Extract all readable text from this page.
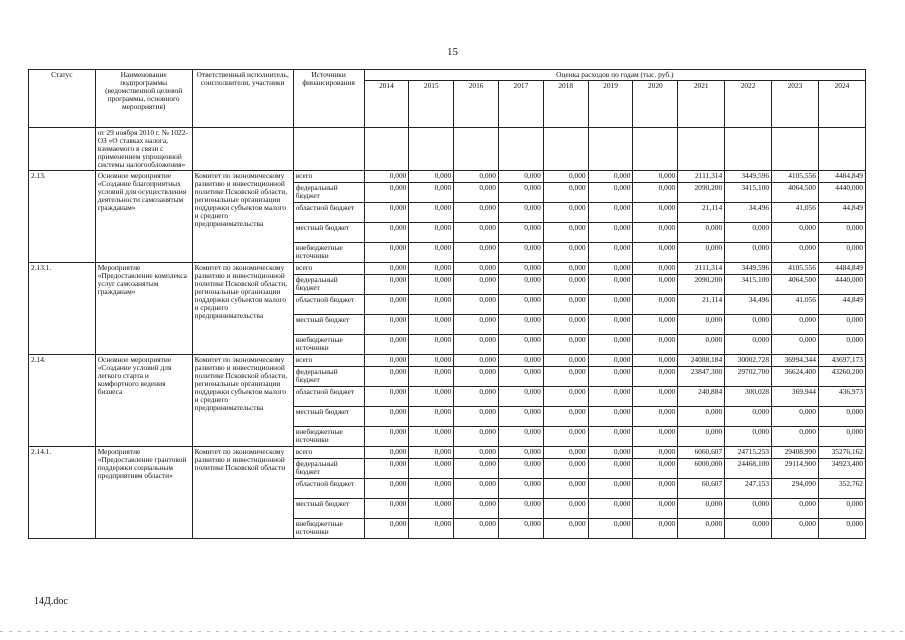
15
Статус	Наименование подпрограммы (ведомственной целевой программы, основного мероприятия)	Ответственный исполнитель, соисполнители, участники	Источники финансирования	Оценка расходов по годам (тыс. руб.)										
				2014	2015	2016	2017	2018	2019	2020	2021	2022	2023	2024
	от 29 ноября 2010 г. № 1022-ОЗ «О ставках налога, взимаемого в связи с применением упрощенной системы налогообложения»													
2.13.	Основное мероприятие «Создание благоприятных условий для осуществления деятельности самозанятым гражданам»	Комитет по экономическому развитию и инвестиционной политике Псковской области, региональные организации поддержки субъектов малого и среднего предпринимательства	всего	0,000	0,000	0,000	0,000	0,000	0,000	0,000	2111,314	3449,596	4105,556	4484,849
			федеральный бюджет	0,000	0,000	0,000	0,000	0,000	0,000	0,000	2090,200	3415,100	4064,500	4440,000
			областной бюджет	0,000	0,000	0,000	0,000	0,000	0,000	0,000	21,114	34,496	41,056	44,849
			местный бюджет	0,000	0,000	0,000	0,000	0,000	0,000	0,000	0,000	0,000	0,000	0,000
			внебюджетные источники	0,000	0,000	0,000	0,000	0,000	0,000	0,000	0,000	0,000	0,000	0,000
2.13.1.	Мероприятие «Предоставление комплекса услуг самозанятым гражданам»	Комитет по экономическому развитию и инвестиционной политике Псковской области, региональные организации поддержки субъектов малого и среднего предпринимательства	всего	0,000	0,000	0,000	0,000	0,000	0,000	0,000	2111,314	3449,596	4105,556	4484,849
			федеральный бюджет	0,000	0,000	0,000	0,000	0,000	0,000	0,000	2090,200	3415,100	4064,500	4440,000
			областной бюджет	0,000	0,000	0,000	0,000	0,000	0,000	0,000	21,114	34,496	41,056	44,849
			местный бюджет	0,000	0,000	0,000	0,000	0,000	0,000	0,000	0,000	0,000	0,000	0,000
			внебюджетные источники	0,000	0,000	0,000	0,000	0,000	0,000	0,000	0,000	0,000	0,000	0,000
2.14.	Основное мероприятие «Создание условий для легкого старта и комфортного ведения бизнеса	Комитет по экономическому развитию и инвестиционной политике Псковской области, региональные организации поддержки субъектов малого и среднего предпринимательства	всего	0,000	0,000	0,000	0,000	0,000	0,000	0,000	24088,184	30002,728	36994,344	43697,173
			федеральный бюджет	0,000	0,000	0,000	0,000	0,000	0,000	0,000	23847,300	29702,700	36624,400	43260,200
			областной бюджет	0,000	0,000	0,000	0,000	0,000	0,000	0,000	240,884	300,028	369,944	436,973
			местный бюджет	0,000	0,000	0,000	0,000	0,000	0,000	0,000	0,000	0,000	0,000	0,000
			внебюджетные источники	0,000	0,000	0,000	0,000	0,000	0,000	0,000	0,000	0,000	0,000	0,000
2.14.1.	Мероприятие «Предоставление грантовой поддержки социальным предприятиям области»	Комитет по экономическому развитию и инвестиционной политике Псковской области	всего	0,000	0,000	0,000	0,000	0,000	0,000	0,000	6060,607	24715,253	29408,990	35276,162
			федеральный бюджет	0,000	0,000	0,000	0,000	0,000	0,000	0,000	6000,000	24468,100	29114,900	34923,400
			областной бюджет	0,000	0,000	0,000	0,000	0,000	0,000	0,000	60,607	247,153	294,090	352,762
			местный бюджет	0,000	0,000	0,000	0,000	0,000	0,000	0,000	0,000	0,000	0,000	0,000
			внебюджетные источники	0,000	0,000	0,000	0,000	0,000	0,000	0,000	0,000	0,000	0,000	0,000
14Д.doc
